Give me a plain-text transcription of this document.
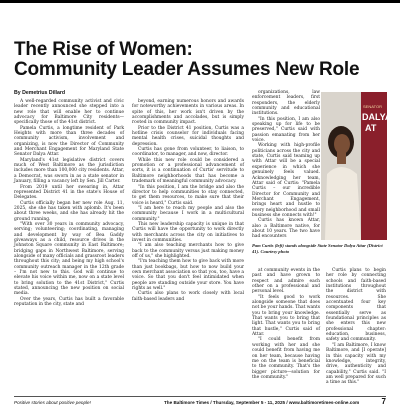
The Rise of Women:
Community Leader Assumes New Role
By Demetrius Dillard

A well-regarded community activist and civic leader recently announced she stepped into a new role that will enable her to continue advocacy for Baltimore City residents—specifically those of the 41st district.

Pamela Curtis, a longtime resident of Park Heights with more than three decades of community activism, involvement and organizing, is now the Director of Community and Merchant Engagement for Maryland State Senator Dalya Attar.

Maryland's 41st legislative district covers much of West Baltimore as the jurisdiction includes more than 100,000 city residents. Attar, a Democrat, was sworn in as a state senator in January, filling a vacancy left by Sen. Jill Carter.

From 2019 until her swearing in, Attar represented District 41 in the state's House of Delegates.

Curtis officially began her new role Aug. 11, 2025, she she has taken with aplomb. It's been about three weeks, and she has already hit the ground running.

"With over 30 years in community advocacy, serving; volunteering; coordinating, managing and development by way of Bea Gaddy giveaways as a child, resource drives in the Johnston Square community in East Baltimore; bridging gaps in Northwest Baltimore, serving alongside of many officials and grassroot leaders throughout this city; and being my high school's community outreach manager in the 12th grade – I'm not new to this. God will continue to elevate his voice within me, now on a state level to bring solution to the 41st District," Curtis stated, announcing the new position on social media.

Over the years, Curtis has built a favorable reputation in the city, state and

beyond, earning numerous honors and awards for noteworthy achievements in various areas. In spite of this, her work isn't driven by the accomplishments and accolades, but is simply rooted in community impact.

Prior to the District 41 position, Curtis was a hotline crisis counselor for individuals facing mental health crises, suicidal thoughts and depression.

Curtis has gone from volunteer, to liaison, to coordinator, to manager, and now, director.

While this new role could be considered a promotion or a professional advancement of sorts, it is a continuation of Curtis' servitude to Baltimore neighborhoods that has become a trademark of meaningful community advocacy.

"In this position, I am the bridge and also the director to help communities to stay connected, to get them resources, to make sure that their voice is heard," Curtis said.

"I am here to reach my people and also the community because I work in a multicultural community."

This new leadership capacity is unique in that Curtis will have the opportunity to work directly with merchants across the city on initiatives to invest in communities.

"I am also teaching merchants how to give back to the community versus just making money off of us," she highlighted.

"I'm teaching them how to give back with more than just bookbags, but how to now build your own merchant association so that you, too, have a voice. So that you don't feel intimidated when people are standing outside your store. You have rights as well."

Curtis also plans to work closely with local faith-based leaders and

organizations, law enforcement leaders, first responders, the elderly community and educational institutions.

"In this position, I am also speaking up for life to be preserved," Curtis said with passion emanating from her voice.

Working with high-profile politicians across the city and state, Curtis said teaming up with Attar will be a special experience in which she genuinely feels valued. Acknowledging her team, Attar said of Curtis: "Pamela Curtis – our incredible Director for Community and Merchant Engagement, brings heart and hustle to every neighborhood and small business she connects with!"

Curtis has known Attar, also a Baltimore native, for about 10 years. The two have had encounters

SENATOR
DALYA
AT
Pam Curtis (left) stands alongside State Senator Dalya Attar (District 41). Courtesy photo

at community events in the past and have grown to respect and admire each other on a professional and personal level.

"It feels good to work alongside someone that does not be your hands. That wants you to bring your knowledge. That wants you to bring that light. That wants you to bring that hustle," Curtis said of Attar.

"I could benefit from working with her and she could benefit from having me on her team, because having me on the team is beneficial to the community. That's the bigger picture—solution for the community."

Curtis plans to begin her role by connecting schools and faith-based institutions throughout the district with resources. She accentuated four key components that essentially serve as foundational principles as she enters this new professional chapter: education, business, safety and community.

"I am Baltimore, I know Baltimore, and [I operate] in this capacity with my knowledge, integrity, drive, authenticity and capability," Curtis said. "I am well prepared for such a time as this."

Positive stories about positive people!	The Baltimore Times / Thursday, September 5 - 11, 2025 / www.baltimoretimes-online.com	7
